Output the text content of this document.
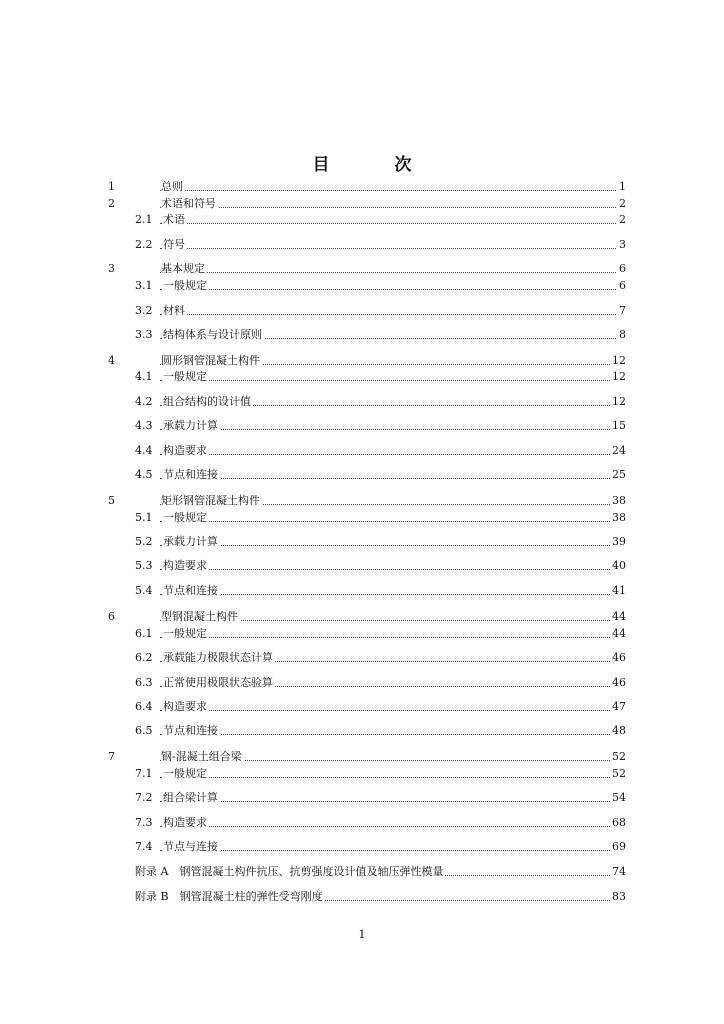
目　次
1	总则	1
2	术语和符号	2
2.1 术语	2
2.2 符号	3
3	基本规定	6
3.1 一般规定	6
3.2 材料	7
3.3 结构体系与设计原则	8
4	圆形钢管混凝土构件	12
4.1 一般规定	12
4.2 组合结构的设计值	12
4.3 承载力计算	15
4.4 构造要求	24
4.5 节点和连接	25
5	矩形钢管混凝土构件	38
5.1 一般规定	38
5.2 承载力计算	39
5.3 构造要求	40
5.4 节点和连接	41
6	型钢混凝土构件	44
6.1 一般规定	44
6.2 承载能力极限状态计算	46
6.3 正常使用极限状态验算	46
6.4 构造要求	47
6.5 节点和连接	48
7	钢-混凝土组合梁	52
7.1 一般规定	52
7.2 组合梁计算	54
7.3 构造要求	68
7.4 节点与连接	69
附录 A　钢管混凝土构件抗压、抗剪强度设计值及轴压弹性模量	74
附录 B　钢管混凝土柱的弹性受弯刚度	83
1
